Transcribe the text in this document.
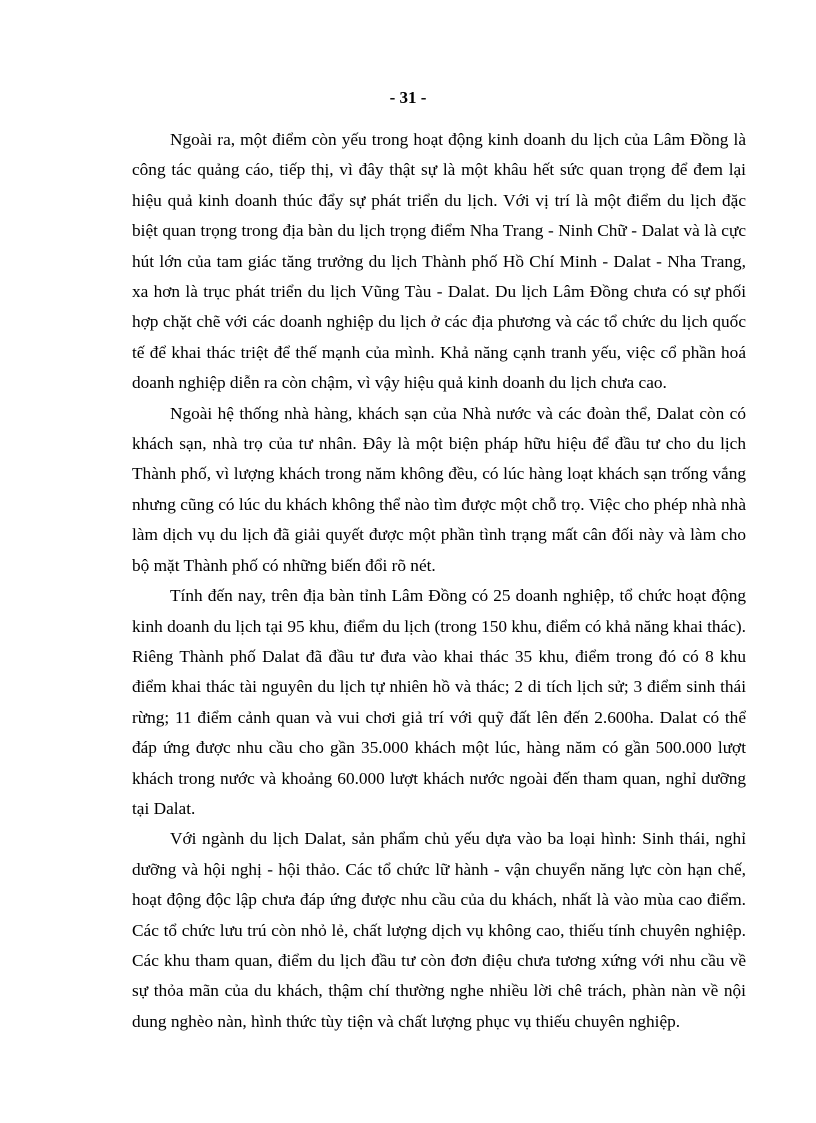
- 31 -

Ngoài ra, một điểm còn yếu trong hoạt động kinh doanh du lịch của Lâm Đồng là công tác quảng cáo, tiếp thị, vì đây thật sự là một khâu hết sức quan trọng để đem lại hiệu quả kinh doanh thúc đẩy sự phát triển du lịch. Với vị trí là một điểm du lịch đặc biệt quan trọng trong địa bàn du lịch trọng điểm Nha Trang - Ninh Chữ - Dalat và là cực hút lớn của tam giác tăng trưởng du lịch Thành phố Hồ Chí Minh - Dalat - Nha Trang, xa hơn là trục phát triển du lịch Vũng Tàu - Dalat. Du lịch Lâm Đồng chưa có sự phối hợp chặt chẽ với các doanh nghiệp du lịch ở các địa phương và các tổ chức du lịch quốc tế để khai thác triệt để thế mạnh của mình. Khả năng cạnh tranh yếu, việc cổ phần hoá doanh nghiệp diễn ra còn chậm, vì vậy hiệu quả kinh doanh du lịch chưa cao.

Ngoài hệ thống nhà hàng, khách sạn của Nhà nước và các đoàn thể, Dalat còn có khách sạn, nhà trọ của tư nhân. Đây là một biện pháp hữu hiệu để đầu tư cho du lịch Thành phố, vì lượng khách trong năm không đều, có lúc hàng loạt khách sạn trống vắng nhưng cũng có lúc du khách không thể nào tìm được một chỗ trọ. Việc cho phép nhà nhà làm dịch vụ du lịch đã giải quyết được một phần tình trạng mất cân đối này và làm cho bộ mặt Thành phố có những biến đổi rõ nét.

Tính đến nay, trên địa bàn tỉnh Lâm Đồng có 25 doanh nghiệp, tổ chức hoạt động kinh doanh du lịch tại 95 khu, điểm du lịch (trong 150 khu, điểm có khả năng khai thác). Riêng Thành phố Dalat đã đầu tư đưa vào khai thác 35 khu, điểm trong đó có 8 khu điểm khai thác tài nguyên du lịch tự nhiên hồ và thác; 2 di tích lịch sử; 3 điểm sinh thái rừng; 11 điểm cảnh quan và vui chơi giả trí với quỹ đất lên đến 2.600ha. Dalat có thể đáp ứng được nhu cầu cho gần 35.000 khách một lúc, hàng năm có gần 500.000 lượt khách trong nước và khoảng 60.000 lượt khách nước ngoài đến tham quan, nghỉ dưỡng tại Dalat.

Với ngành du lịch Dalat, sản phẩm chủ yếu dựa vào ba loại hình: Sinh thái, nghỉ dưỡng và hội nghị - hội thảo. Các tổ chức lữ hành - vận chuyển năng lực còn hạn chế, hoạt động độc lập chưa đáp ứng được nhu cầu của du khách, nhất là vào mùa cao điểm. Các tổ chức lưu trú còn nhỏ lẻ, chất lượng dịch vụ không cao, thiếu tính chuyên nghiệp. Các khu tham quan, điểm du lịch đầu tư còn đơn điệu chưa tương xứng với nhu cầu về sự thỏa mãn của du khách, thậm chí thường nghe nhiều lời chê trách, phàn nàn về nội dung nghèo nàn, hình thức tùy tiện và chất lượng phục vụ thiếu chuyên nghiệp.
